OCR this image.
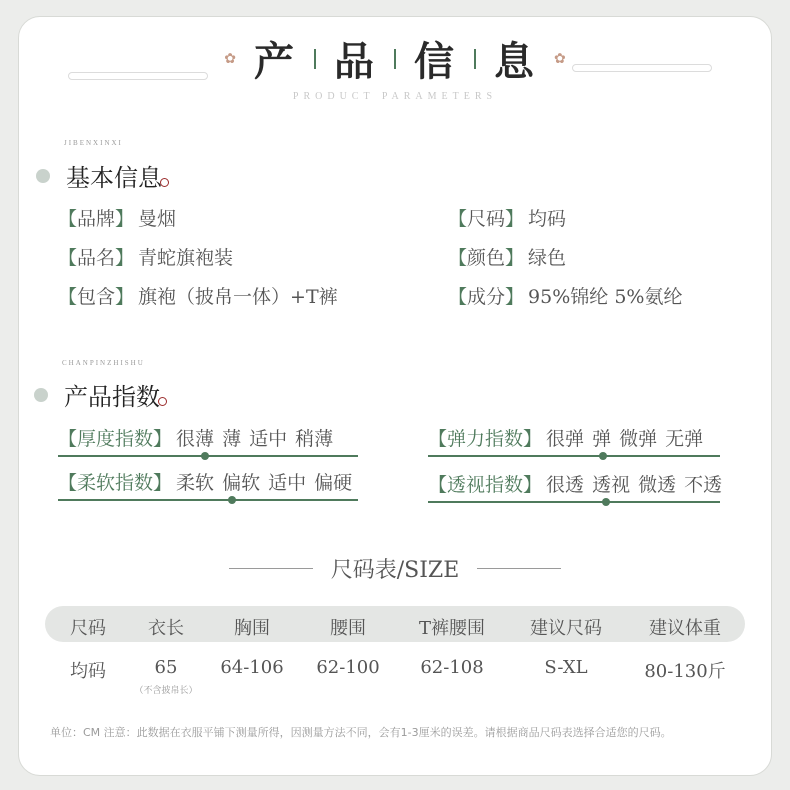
✿ 产 品 信 息 ✿
PRODUCT PARAMETERS
JIBENXINXI
基本信息
【品牌】 曼烟
【品名】 青蛇旗袍装
【包含】 旗袍（披帛一体）+T裤
【尺码】 均码
【颜色】 绿色
【成分】 95%锦纶 5%氨纶
CHANPINZHISHU
产品指数
【厚度指数】 很薄 薄 适中 稍薄	【弹力指数】 很弹 弹 微弹 无弹
【柔软指数】 柔软 偏软 适中 偏硬	【透视指数】 很透 透视 微透 不透
尺码表/SIZE
尺码	衣长	胸围	腰围	T裤腰围	建议尺码	建议体重
均码	65	64-106	62-100	62-108	S-XL	80-130斤
（不含披帛长）
单位：CM 注意：此数据在衣服平铺下测量所得，因测量方法不同，会有1-3厘米的误差。请根据商品尺码表选择合适您的尺码。
